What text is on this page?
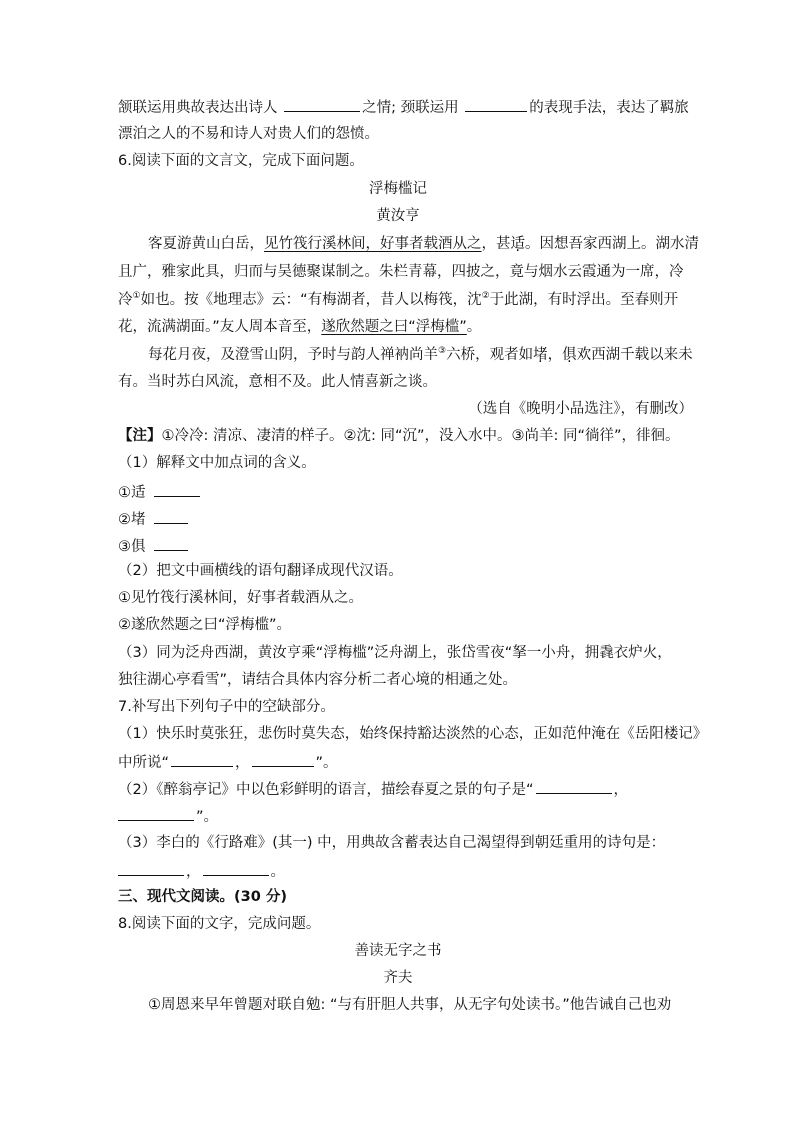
颔联运用典故表达出诗人	之情; 颈联运用	的表现手法，表达了羁旅
漂泊之人的不易和诗人对贵人们的怨愤。
6.阅读下面的文言文，完成下面问题。
浮梅槛记
黄汝亨
客夏游黄山白岳，见竹筏行溪林间，好事者载酒从之，甚适。因想吾家西湖上。湖水清
且广，雅家此具，归而与吴德聚谋制之。朱栏青幕，四披之，竟与烟水云霞通为一席，冷
冷①如也。按《地理志》云：“有梅湖者，昔人以梅筏，沈②于此湖，有时浮出。至春则开
花，流满湖面。”友人周本音至，遂欣然题之曰“浮梅槛”。
每花月夜，及澄雪山阴，予时与韵人禅衲尚羊③六桥，观者如堵，俱欢西湖千载以来未
有。当时苏白风流，意相不及。此人情喜新之谈。
（选自《晚明小品选注》，有删改）
【注】①冷冷: 清凉、凄清的样子。②沈: 同“沉”，没入水中。③尚羊: 同“徜徉”，徘徊。
（1）解释文中加点词的含义。
①适
②堵
③俱
（2）把文中画横线的语句翻译成现代汉语。
①见竹筏行溪林间，好事者载酒从之。
②遂欣然题之曰“浮梅槛”。
（3）同为泛舟西湖，黄汝亨乘“浮梅槛”泛舟湖上，张岱雪夜“拏一小舟，拥毳衣炉火，
独往湖心亭看雪”，请结合具体内容分析二者心境的相通之处。
7.补写出下列句子中的空缺部分。
（1）快乐时莫张狂，悲伤时莫失态，始终保持豁达淡然的心态，正如范仲淹在《岳阳楼记》
中所说“	，	”。
（2）《醉翁亭记》中以色彩鲜明的语言，描绘春夏之景的句子是“	，
”。
（3）李白的《行路难》(其一) 中，用典故含蓄表达自己渴望得到朝廷重用的诗句是：
，	。
三、现代文阅读。(30 分)
8.阅读下面的文字，完成问题。
善读无字之书
齐夫
①周恩来早年曾题对联自勉: “与有肝胆人共事，从无字句处读书。”他告诫自己也劝
